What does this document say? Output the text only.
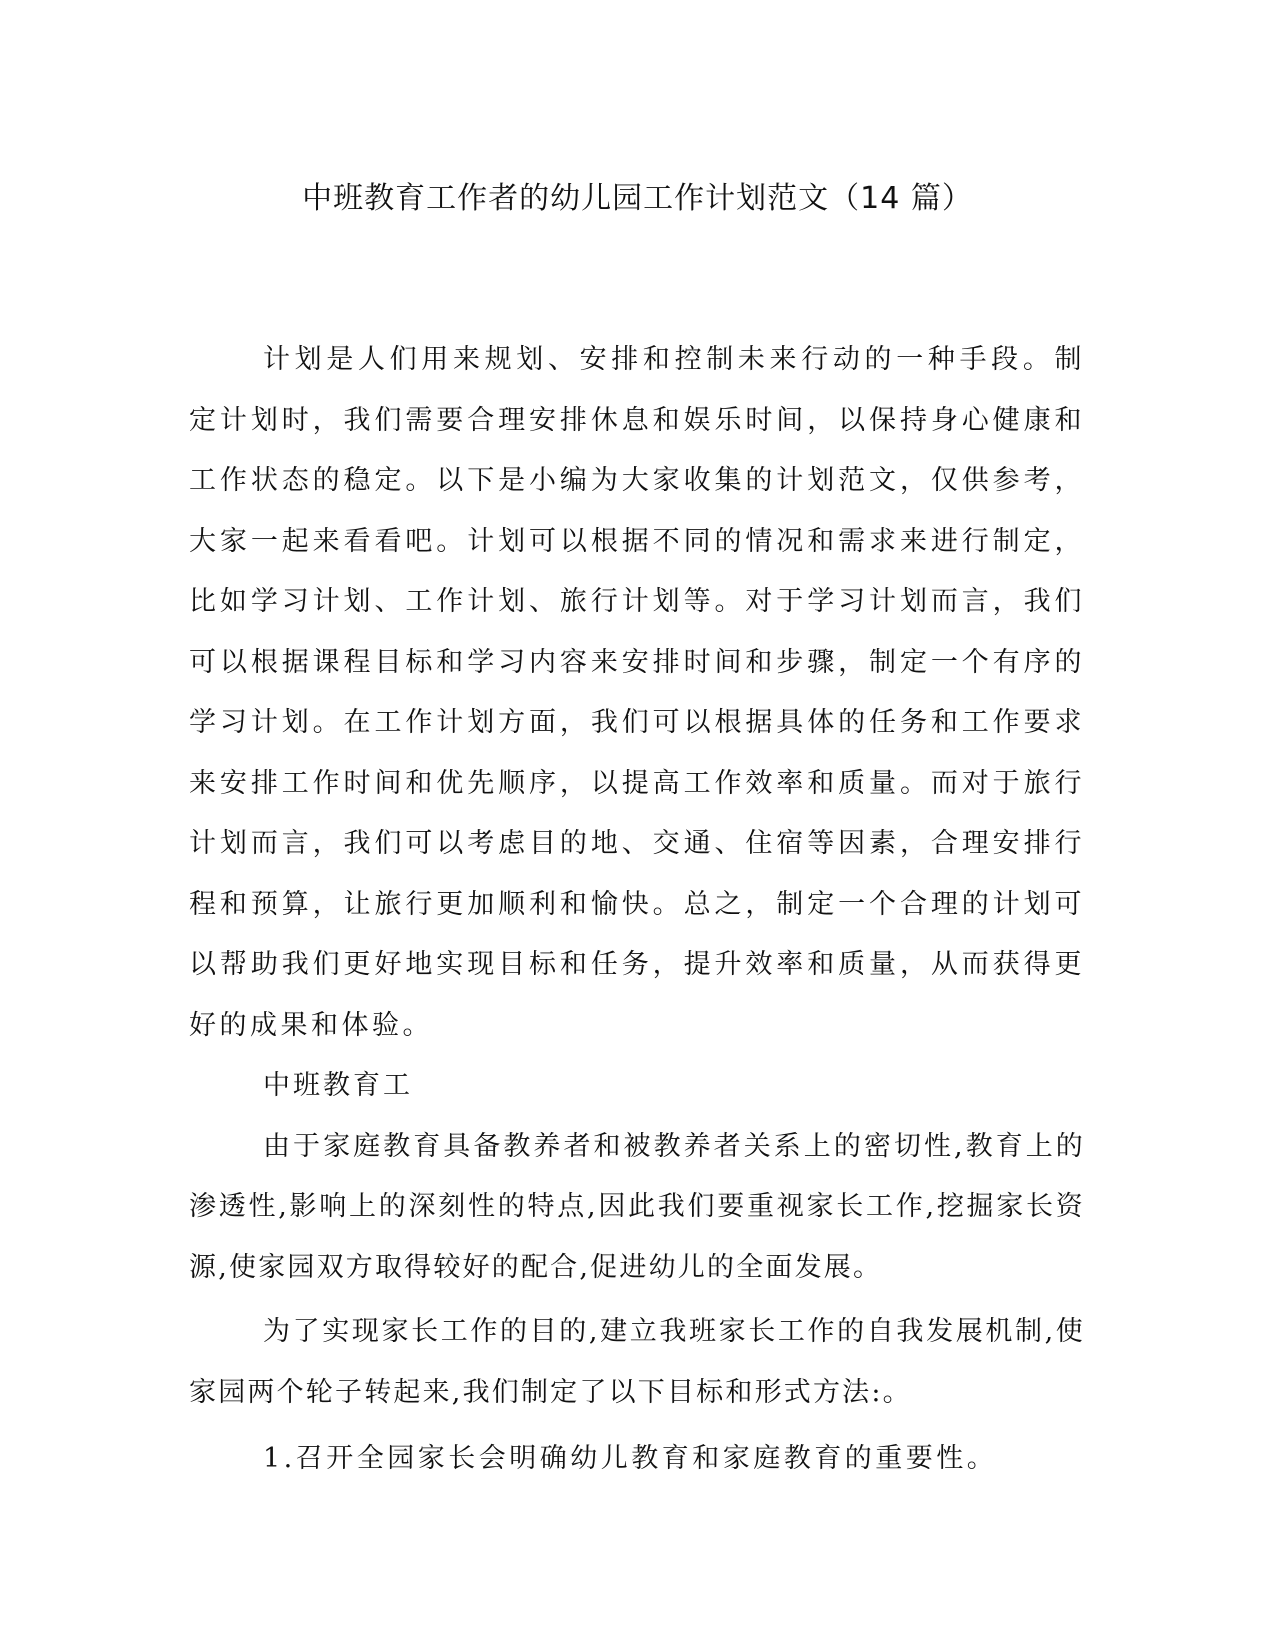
中班教育工作者的幼儿园工作计划范文（14 篇）

计划是人们用来规划、安排和控制未来行动的一种手段。制定计划时，我们需要合理安排休息和娱乐时间，以保持身心健康和工作状态的稳定。以下是小编为大家收集的计划范文，仅供参考，大家一起来看看吧。计划可以根据不同的情况和需求来进行制定，比如学习计划、工作计划、旅行计划等。对于学习计划而言，我们可以根据课程目标和学习内容来安排时间和步骤，制定一个有序的学习计划。在工作计划方面，我们可以根据具体的任务和工作要求来安排工作时间和优先顺序，以提高工作效率和质量。而对于旅行计划而言，我们可以考虑目的地、交通、住宿等因素，合理安排行程和预算，让旅行更加顺利和愉快。总之，制定一个合理的计划可以帮助我们更好地实现目标和任务，提升效率和质量，从而获得更好的成果和体验。

中班教育工

由于家庭教育具备教养者和被教养者关系上的密切性,教育上的渗透性,影响上的深刻性的特点,因此我们要重视家长工作,挖掘家长资源,使家园双方取得较好的配合,促进幼儿的全面发展。

为了实现家长工作的目的,建立我班家长工作的自我发展机制,使家园两个轮子转起来,我们制定了以下目标和形式方法:。

1.召开全园家长会明确幼儿教育和家庭教育的重要性。
